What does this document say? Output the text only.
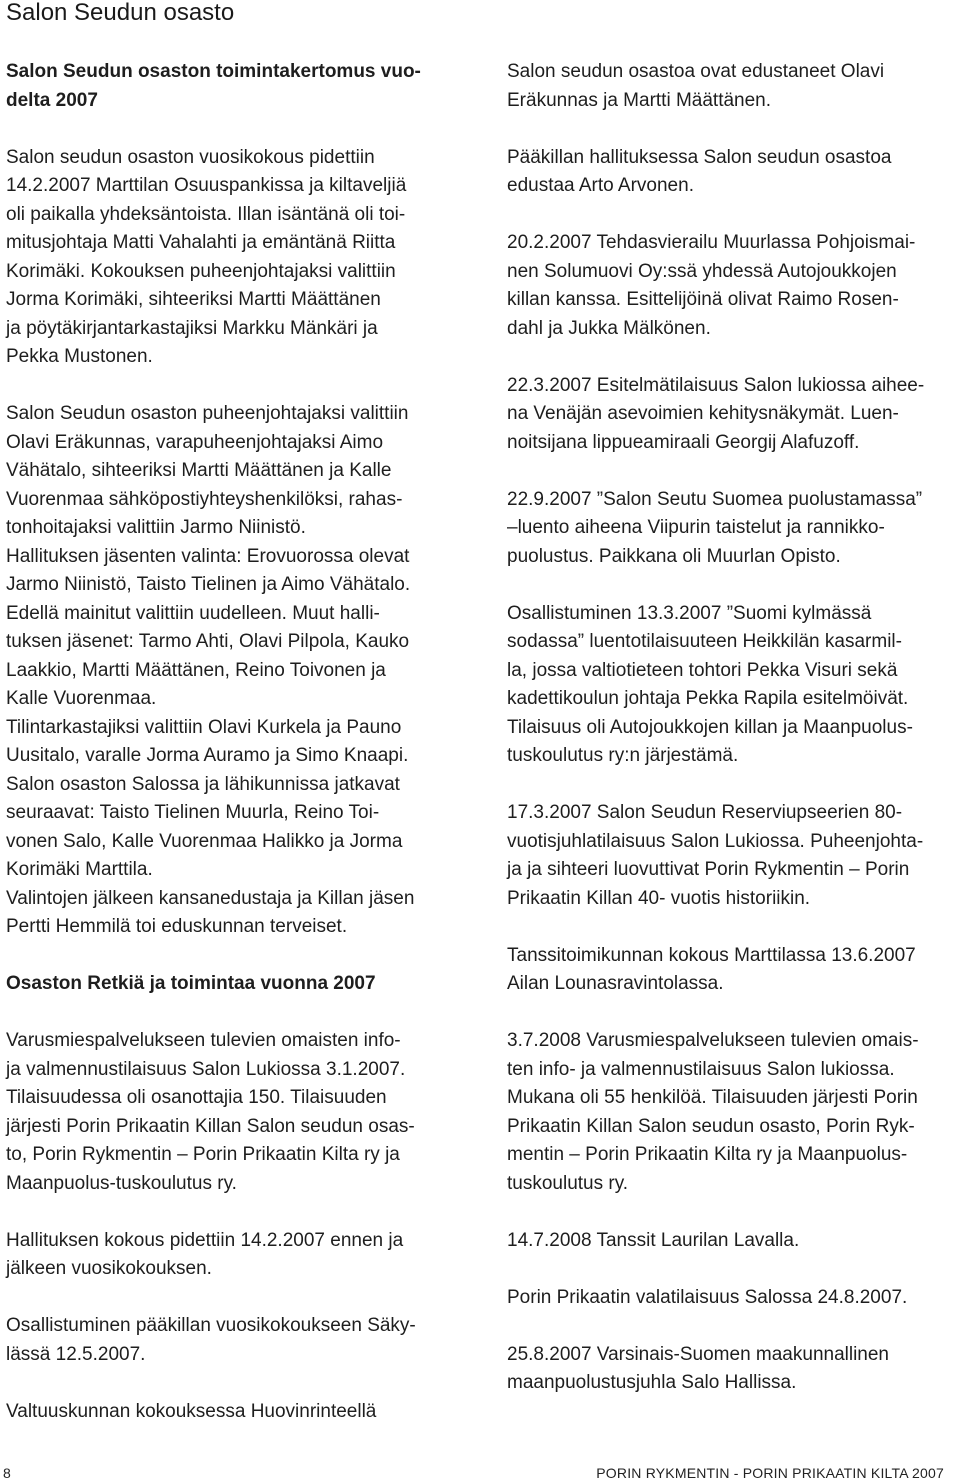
Salon Seudun osasto

Salon Seudun osaston toimintakertomus vuo-
delta 2007

Salon seudun osaston vuosikokous pidettiin
14.2.2007 Marttilan Osuuspankissa ja kiltaveljiä
oli paikalla yhdeksäntoista. Illan isäntänä oli toi-
mitusjohtaja Matti Vahalahti ja emäntänä Riitta
Korimäki. Kokouksen puheenjohtajaksi valittiin
Jorma Korimäki, sihteeriksi Martti Määttänen
ja pöytäkirjantarkastajiksi Markku Mänkäri ja
Pekka Mustonen.

Salon Seudun osaston puheenjohtajaksi valittiin
Olavi Eräkunnas, varapuheenjohtajaksi Aimo
Vähätalo, sihteeriksi Martti Määttänen ja Kalle
Vuorenmaa sähköpostiyhteyshenkilöksi, rahas-
tonhoitajaksi valittiin Jarmo Niinistö.
Hallituksen jäsenten valinta: Erovuorossa olevat
Jarmo Niinistö, Taisto Tielinen ja Aimo Vähätalo.
Edellä mainitut valittiin uudelleen. Muut halli-
tuksen jäsenet: Tarmo Ahti, Olavi Pilpola, Kauko
Laakkio, Martti Määttänen, Reino Toivonen ja
Kalle Vuorenmaa.
Tilintarkastajiksi valittiin Olavi Kurkela ja Pauno
Uusitalo, varalle Jorma Auramo ja Simo Knaapi.
Salon osaston Salossa ja lähikunnissa jatkavat
seuraavat: Taisto Tielinen Muurla, Reino Toi-
vonen Salo, Kalle Vuorenmaa Halikko ja Jorma
Korimäki Marttila.
Valintojen jälkeen kansanedustaja ja Killan jäsen
Pertti Hemmilä toi eduskunnan terveiset.

Osaston Retkiä ja toimintaa vuonna 2007

Varusmiespalvelukseen tulevien omaisten info-
ja valmennustilaisuus Salon Lukiossa 3.1.2007.
Tilaisuudessa oli osanottajia 150. Tilaisuuden
järjesti Porin Prikaatin Killan Salon seudun osas-
to, Porin Rykmentin – Porin Prikaatin Kilta ry ja
Maanpuolus-tuskoulutus ry.

Hallituksen kokous pidettiin 14.2.2007 ennen ja
jälkeen vuosikokouksen.

Osallistuminen pääkillan vuosikokoukseen Säky-
lässä 12.5.2007.

Valtuuskunnan kokouksessa Huovinrinteellä

Salon seudun osastoa ovat edustaneet Olavi
Eräkunnas ja Martti Määttänen.

Pääkillan hallituksessa Salon seudun osastoa
edustaa Arto Arvonen.

20.2.2007 Tehdasvierailu Muurlassa Pohjoismai-
nen Solumuovi Oy:ssä yhdessä Autojoukkojen
killan kanssa. Esittelijöinä olivat Raimo Rosen-
dahl ja Jukka Mälkönen.

22.3.2007 Esitelmätilaisuus Salon lukiossa aihee-
na Venäjän asevoimien kehitysnäkymät. Luen-
noitsijana lippueamiraali Georgij Alafuzoff.

22.9.2007 ”Salon Seutu Suomea puolustamassa”
–luento aiheena Viipurin taistelut ja rannikko-
puolustus. Paikkana oli Muurlan Opisto.

Osallistuminen 13.3.2007 ”Suomi kylmässä
sodassa” luentotilaisuuteen Heikkilän kasarmil-
la, jossa valtiotieteen tohtori Pekka Visuri sekä
kadettikoulun johtaja Pekka Rapila esitelmöivät.
Tilaisuus oli Autojoukkojen killan ja Maanpuolus-
tuskoulutus ry:n järjestämä.

17.3.2007 Salon Seudun Reserviupseerien 80-
vuotisjuhlatilaisuus Salon Lukiossa. Puheenjohta-
ja ja sihteeri luovuttivat Porin Rykmentin – Porin
Prikaatin Killan 40- vuotis historiikin.

Tanssitoimikunnan kokous Marttilassa 13.6.2007
Ailan Lounasravintolassa.

3.7.2008 Varusmiespalvelukseen tulevien omais-
ten info- ja valmennustilaisuus Salon lukiossa.
Mukana oli 55 henkilöä. Tilaisuuden järjesti Porin
Prikaatin Killan Salon seudun osasto, Porin Ryk-
mentin – Porin Prikaatin Kilta ry ja Maanpuolus-
tuskoulutus ry.

14.7.2008 Tanssit Laurilan Lavalla.

Porin Prikaatin valatilaisuus Salossa 24.8.2007.

25.8.2007 Varsinais-Suomen maakunnallinen
maanpuolustusjuhla Salo Hallissa.

8	PORIN RYKMENTIN - PORIN PRIKAATIN KILTA 2007
